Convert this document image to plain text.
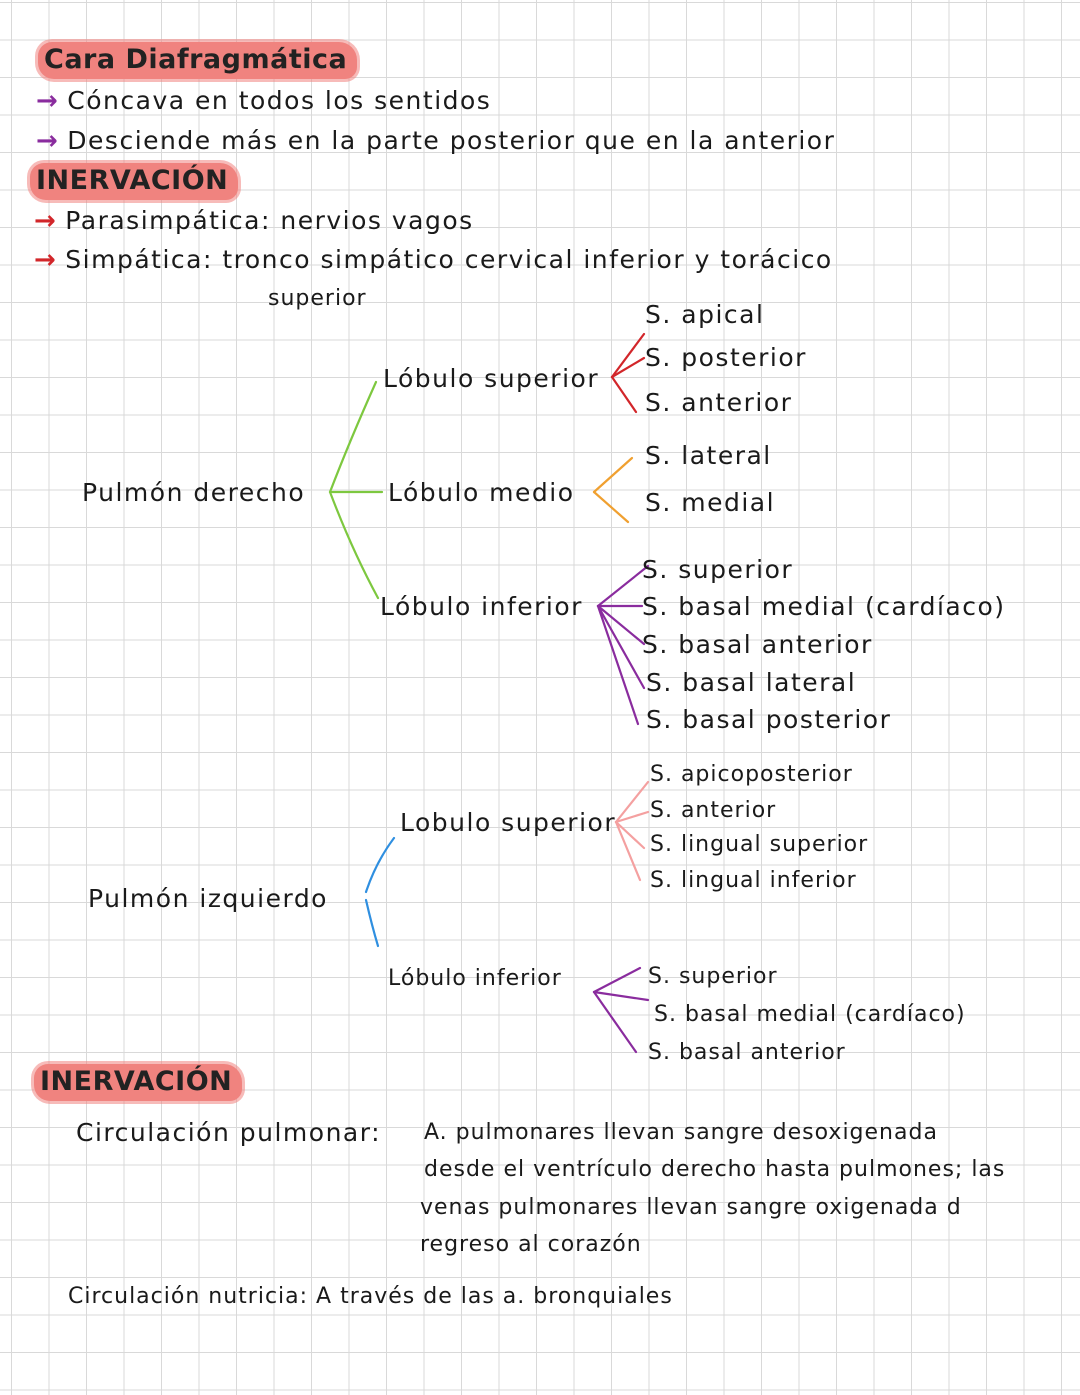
Cara Diafragmática
→ Cóncava en todos los sentidos
→ Desciende más en la parte posterior que en la anterior
INERVACIÓN
→ Parasimpática: nervios vagos
→ Simpática: tronco simpático cervical inferior y torácico
superior
Pulmón derecho
Lóbulo superior
S. apical
S. posterior
S. anterior
Lóbulo medio
S. lateral
S. medial
Lóbulo inferior
S. superior
S. basal medial (cardíaco)
S. basal anterior
S. basal lateral
S. basal posterior
Pulmón izquierdo
Lobulo superior
S. apicoposterior
S. anterior
S. lingual superior
S. lingual inferior
Lóbulo inferior	S. superior
S. basal medial (cardíaco)
S. basal anterior
INERVACIÓN
Circulación pulmonar: A. pulmonares llevan sangre desoxigenada
desde el ventrículo derecho hasta pulmones; las
venas pulmonares llevan sangre oxigenada d
regreso al corazón
Circulación nutricia: A través de las a. bronquiales
